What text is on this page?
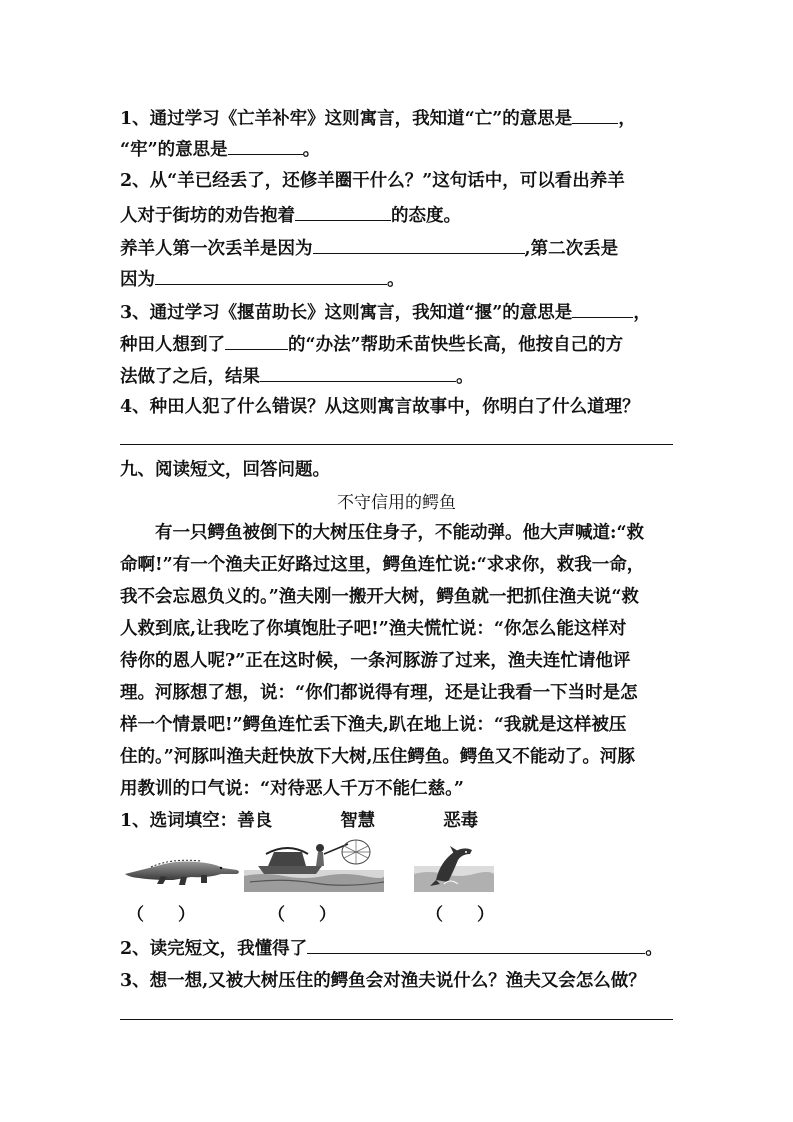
1、通过学习《亡羊补牢》这则寓言，我知道“亡”的意思是	，
“牢”的意思是	。
2、从“羊已经丢了，还修羊圈干什么？”这句话中，可以看出养羊
人对于街坊的劝告抱着	的态度。
养羊人第一次丢羊是因为	,第二次丢是
因为	。
3、通过学习《揠苗助长》这则寓言，我知道“揠”的意思是	，
种田人想到了	的“办法”帮助禾苗快些长高，他按自己的方
法做了之后，结果	。
4、种田人犯了什么错误？从这则寓言故事中，你明白了什么道理？
九、阅读短文，回答问题。
不守信用的鳄鱼
　　有一只鳄鱼被倒下的大树压住身子，不能动弹。他大声喊道:“救
命啊!”有一个渔夫正好路过这里，鳄鱼连忙说:“求求你，救我一命，
我不会忘恩负义的。”渔夫刚一搬开大树，鳄鱼就一把抓住渔夫说“救
人救到底,让我吃了你填饱肚子吧!”渔夫慌忙说：“你怎么能这样对
待你的恩人呢?”正在这时候，一条河豚游了过来，渔夫连忙请他评
理。河豚想了想，说：“你们都说得有理，还是让我看一下当时是怎
样一个情景吧!”鳄鱼连忙丢下渔夫,趴在地上说：“我就是这样被压
住的。”河豚叫渔夫赶快放下大树,压住鳄鱼。鳄鱼又不能动了。河豚
用教训的口气说：“对待恶人千万不能仁慈。”
1、选词填空：善良	智慧	恶毒
（　　）	（　　）	（　　）
2、读完短文，我懂得了	。
3、想一想,又被大树压住的鳄鱼会对渔夫说什么？渔夫又会怎么做？
